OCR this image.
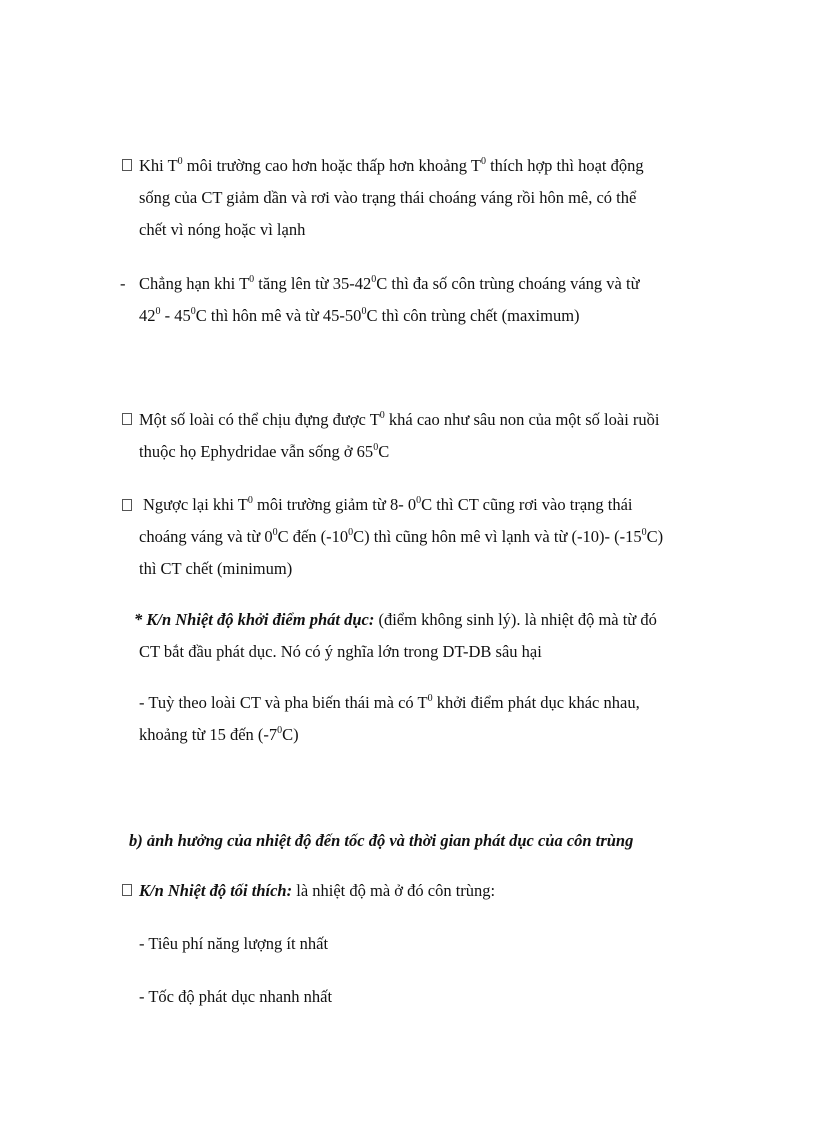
Khi $T^0$ môi trường cao hơn hoặc thấp hơn khoảng $T^0$ thích hợp thì hoạt động
sống của CT giảm dần và rơi vào trạng thái choáng váng rồi hôn mê, có thể
chết vì nóng hoặc vì lạnh
- Chẳng hạn khi $T^0$ tăng lên từ $35-42^0C$ thì đa số côn trùng choáng váng và từ
$42^0 - 45^0C$ thì hôn mê và từ $45-50^0C$ thì côn trùng chết (maximum)
Một số loài có thể chịu đựng được $T^0$ khá cao như sâu non của một số loài ruồi
thuộc họ Ephydridae vẫn sống ở $65^0C$
Ngược lại khi $T^0$ môi trường giảm từ 8- $0^0C$ thì CT cũng rơi vào trạng thái
choáng váng và từ $0^0C$ đến $(-10^0C)$ thì cũng hôn mê vì lạnh và từ (-10)- $(-15^0C)$
thì CT chết (minimum)
* K/n Nhiệt độ khởi điểm phát dục: (điểm không sinh lý). là nhiệt độ mà từ đó
CT bắt đầu phát dục. Nó có ý nghĩa lớn trong DT-DB sâu hại
- Tuỳ theo loài CT và pha biến thái mà có $T^0$ khởi điểm phát dục khác nhau,
khoảng từ 15 đến $(-7^0C)$
b) ảnh hưởng của nhiệt độ đến tốc độ và thời gian phát dục của côn trùng
K/n Nhiệt độ tối thích: là nhiệt độ mà ở đó côn trùng:
- Tiêu phí năng lượng ít nhất
- Tốc độ phát dục nhanh nhất
